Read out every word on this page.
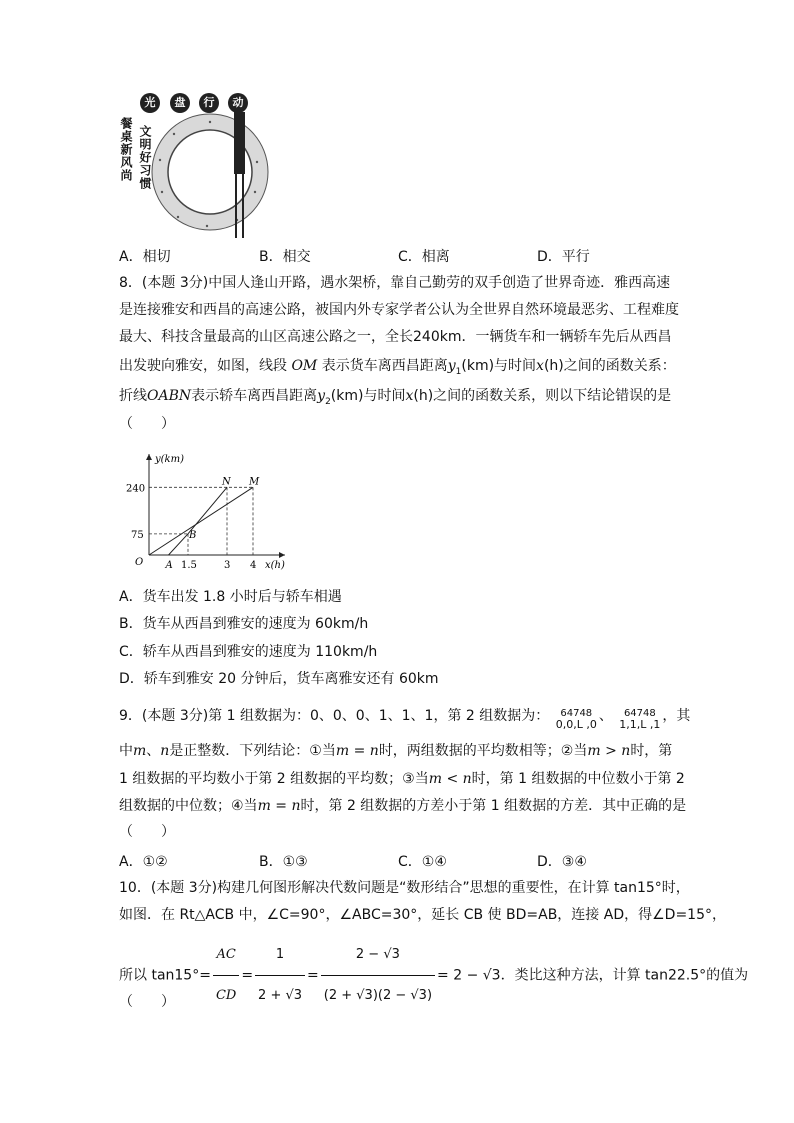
光	盘	行	动
餐桌新风尚 文明好习惯
A．相切	B．相交	C．相离	D．平行
8．(本题 3分)中国人逢山开路，遇水架桥，靠自己勤劳的双手创造了世界奇迹．雅西高速
是连接雅安和西昌的高速公路，被国内外专家学者公认为全世界自然环境最恶劣、工程难度
最大、科技含量最高的山区高速公路之一，全长240km．一辆货车和一辆轿车先后从西昌
出发驶向雅安，如图，线段 OM 表示货车离西昌距离$y_1(km)$与时间x(h)之间的函数关系：
折线OABN表示轿车离西昌距离$y_2(km)$与时间x(h)之间的函数关系，则以下结论错误的是
（　　）
y(km)
x(h)
O A 1.5	3 4
75
240
B
N M
A．货车出发 1.8 小时后与轿车相遇
B．货车从西昌到雅安的速度为 60km/h
C．轿车从西昌到雅安的速度为 110km/h
D．轿车到雅安 20 分钟后，货车离雅安还有 60km
9．(本题 3分)第 1 组数据为：0、0、0、1、1、1，第 2 组数据为：	64748
0,0,L ,0
、	64748
1,1,L ,1
，其
中m、n是正整数．下列结论：①当m = n时，两组数据的平均数相等；②当m > n时，第
1 组数据的平均数小于第 2 组数据的平均数；③当m < n时，第 1 组数据的中位数小于第 2
组数据的中位数；④当m = n时，第 2 组数据的方差小于第 1 组数据的方差．其中正确的是
（　　）
A．①②	B．①③	C．①④	D．③④
10．(本题 3分)构建几何图形解决代数问题是“数形结合”思想的重要性，在计算 tan15°时，
如图．在 Rt△ACB 中，∠C=90°，∠ABC=30°，延长 CB 使 BD=AB，连接 AD，得∠D=15°，
所以 $\tan 15^\circ= \frac{AC}{CD} = \frac{1}{2 + √3} = \frac{2 - √3}{(2 + √3)(2 - √3)} = 2 - √3$．类比这种方法，计算 tan22.5°的值为
（　　）
